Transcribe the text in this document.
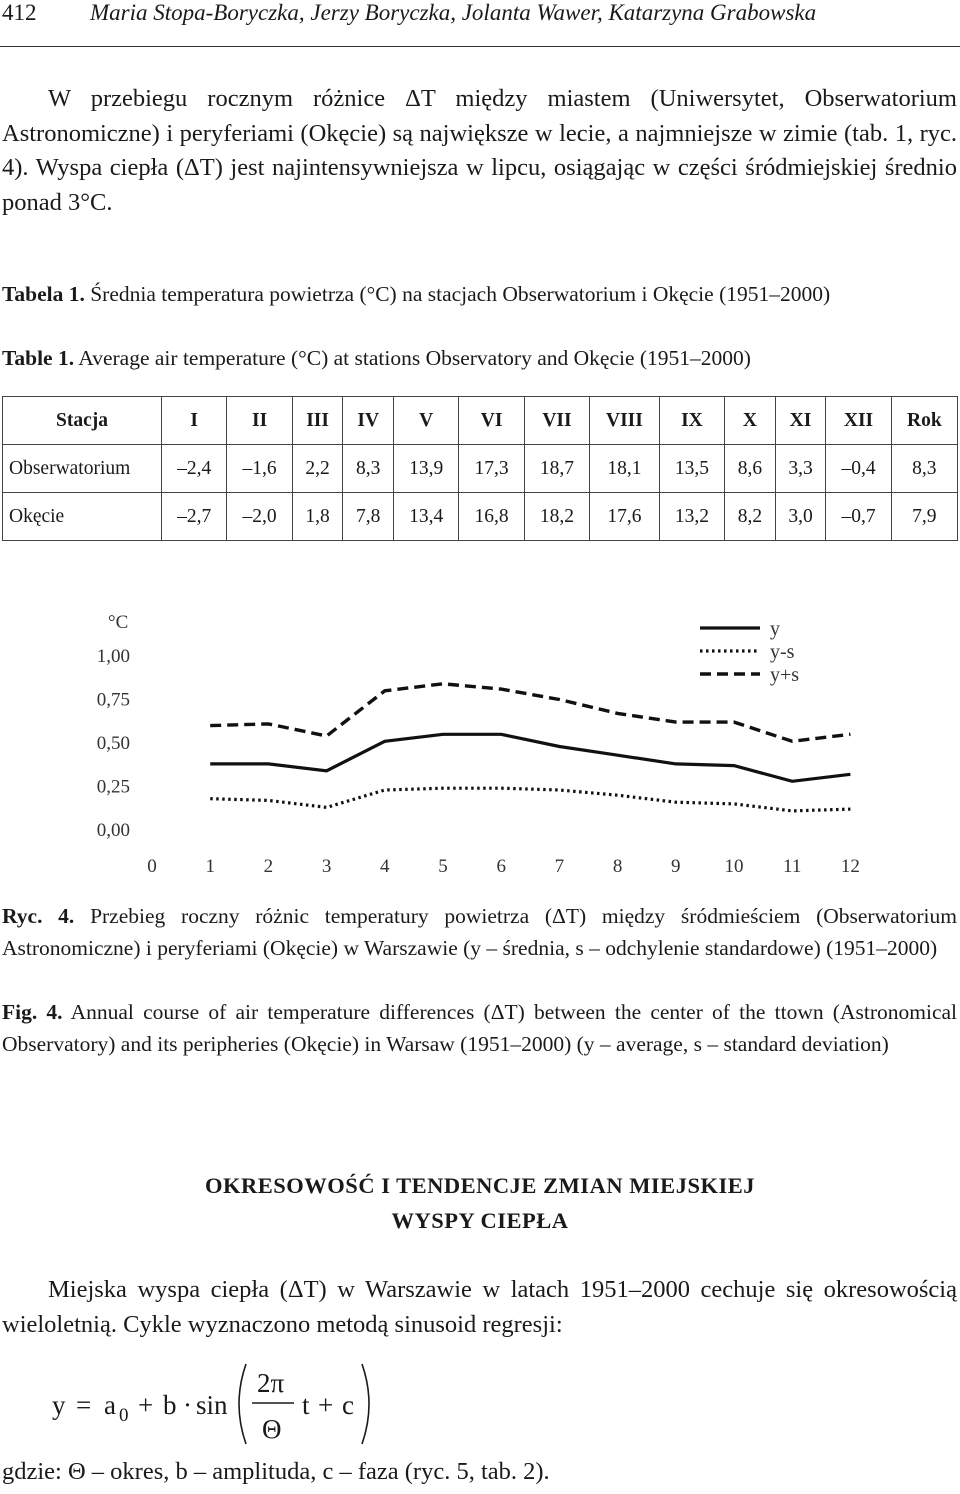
412 Maria Stopa-Boryczka, Jerzy Boryczka, Jolanta Wawer, Katarzyna Grabowska
W przebiegu rocznym różnice ΔT między miastem (Uniwersytet, Obserwatorium Astronomiczne) i peryferiami (Okęcie) są największe w lecie, a najmniejsze w zimie (tab. 1, ryc. 4). Wyspa ciepła (ΔT) jest najintensywniejsza w lipcu, osiągając w części śródmiejskiej średnio ponad 3°C.
Tabela 1. Średnia temperatura powietrza (°C) na stacjach Obserwatorium i Okęcie (1951–2000)
Table 1. Average air temperature (°C) at stations Observatory and Okęcie (1951–2000)
Stacja	I	II	III	IV	V	VI	VII	VIII	IX	X	XI	XII	Rok
Obserwatorium	–2,4	–1,6	2,2	8,3	13,9	17,3	18,7	18,1	13,5	8,6	3,3	–0,4	8,3
Okęcie	–2,7	–2,0	1,8	7,8	13,4	16,8	18,2	17,6	13,2	8,2	3,0	–0,7	7,9
°C
0,00
0,25
0,50
0,75
1,00
0	1	2	3	4	5	6	7	8	9 10 11 12
y
y-s
y+s
Ryc. 4. Przebieg roczny różnic temperatury powietrza (ΔT) między śródmieściem (Obserwatorium Astronomiczne) i peryferiami (Okęcie) w Warszawie (y – średnia, s – odchylenie standardowe) (1951–2000)
Fig. 4. Annual course of air temperature differences (ΔT) between the center of the ttown (Astronomical Observatory) and its peripheries (Okęcie) in Warsaw (1951–2000) (y – average, s – standard deviation)
OKRESOWOŚĆ I TENDENCJE ZMIAN MIEJSKIEJ
WYSPY CIEPŁA
Miejska wyspa ciepła (ΔT) w Warszawie w latach 1951–2000 cechuje się okresowością wieloletnią. Cykle wyznaczono metodą sinusoid regresji:
y = a 0 + b · sin
2π
Θ
t + c
gdzie: Θ – okres, b – amplituda, c – faza (ryc. 5, tab. 2).
